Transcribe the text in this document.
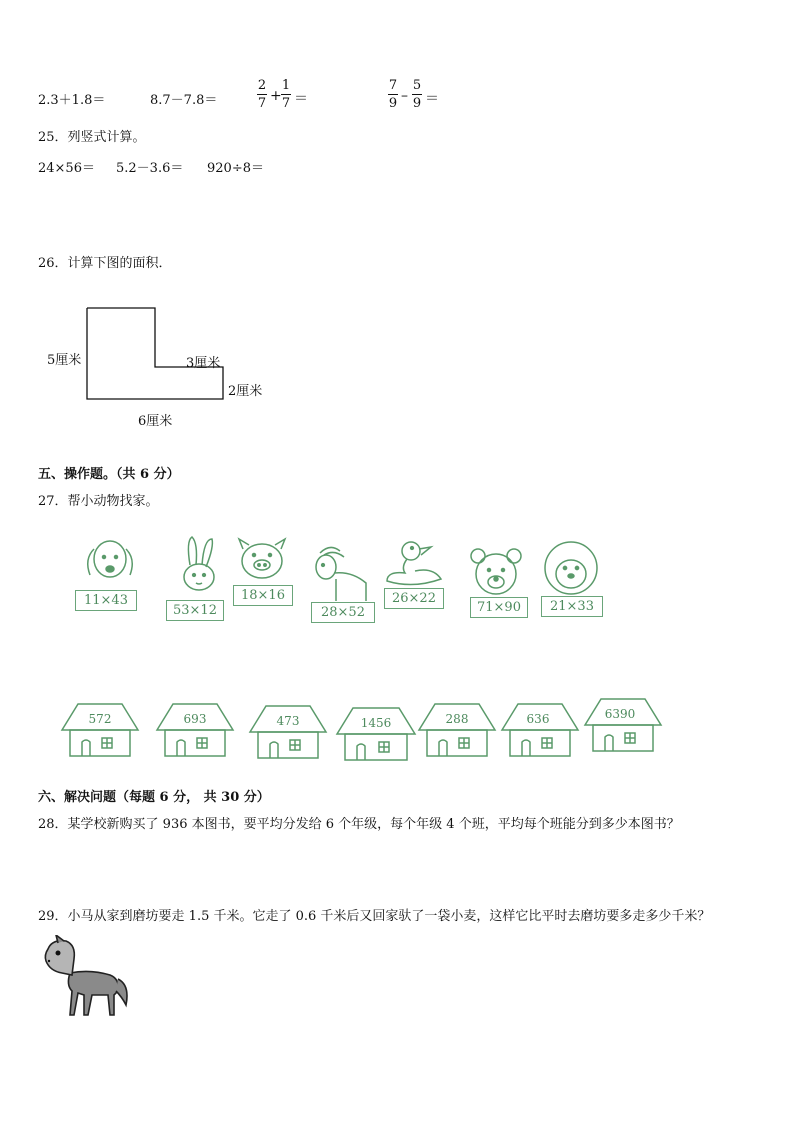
2.3＋1.8＝	8.7－7.8＝
2
7 +
1
7 ＝
7
9 –
5
9 ＝
25．列竖式计算。
24×56＝ 5.2－3.6＝ 920÷8＝
26．计算下图的面积．
5厘米	3厘米
2厘米
6厘米
五、操作题。（共 6 分）
27．帮小动物找家。
11×43
53×12
18×16
28×52
26×22
71×90	21×33
572	693	473	1456	288	636	6390
六、解决问题（每题 6 分， 共 30 分）
28．某学校新购买了 936 本图书，要平均分发给 6 个年级，每个年级 4 个班，平均每个班能分到多少本图书？
29．小马从家到磨坊要走 1.5 千米。它走了 0.6 千米后又回家驮了一袋小麦，这样它比平时去磨坊要多走多少千米？
